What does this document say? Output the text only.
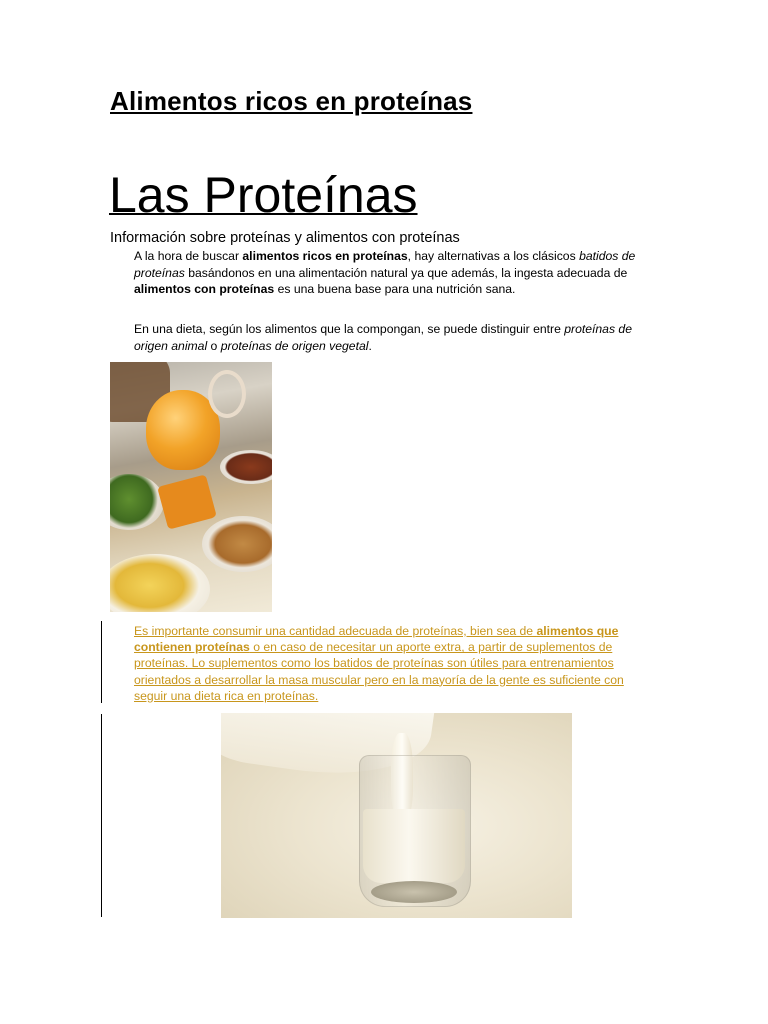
Alimentos ricos en proteínas
Las Proteínas

Información sobre proteínas y alimentos con proteínas

A la hora de buscar alimentos ricos en proteínas, hay alternativas a los clásicos batidos de proteínas basándonos en una alimentación natural ya que además, la ingesta adecuada de alimentos con proteínas es una buena base para una nutrición sana.

En una dieta, según los alimentos que la compongan, se puede distinguir entre proteínas de origen animal o proteínas de origen vegetal.

Es importante consumir una cantidad adecuada de proteínas, bien sea de alimentos que contienen proteínas o en caso de necesitar un aporte extra, a partir de suplementos de proteínas. Lo suplementos como los batidos de proteínas son útiles para entrenamientos orientados a desarrollar la masa muscular pero en la mayoría de la gente es suficiente con seguir una dieta rica en proteínas.
